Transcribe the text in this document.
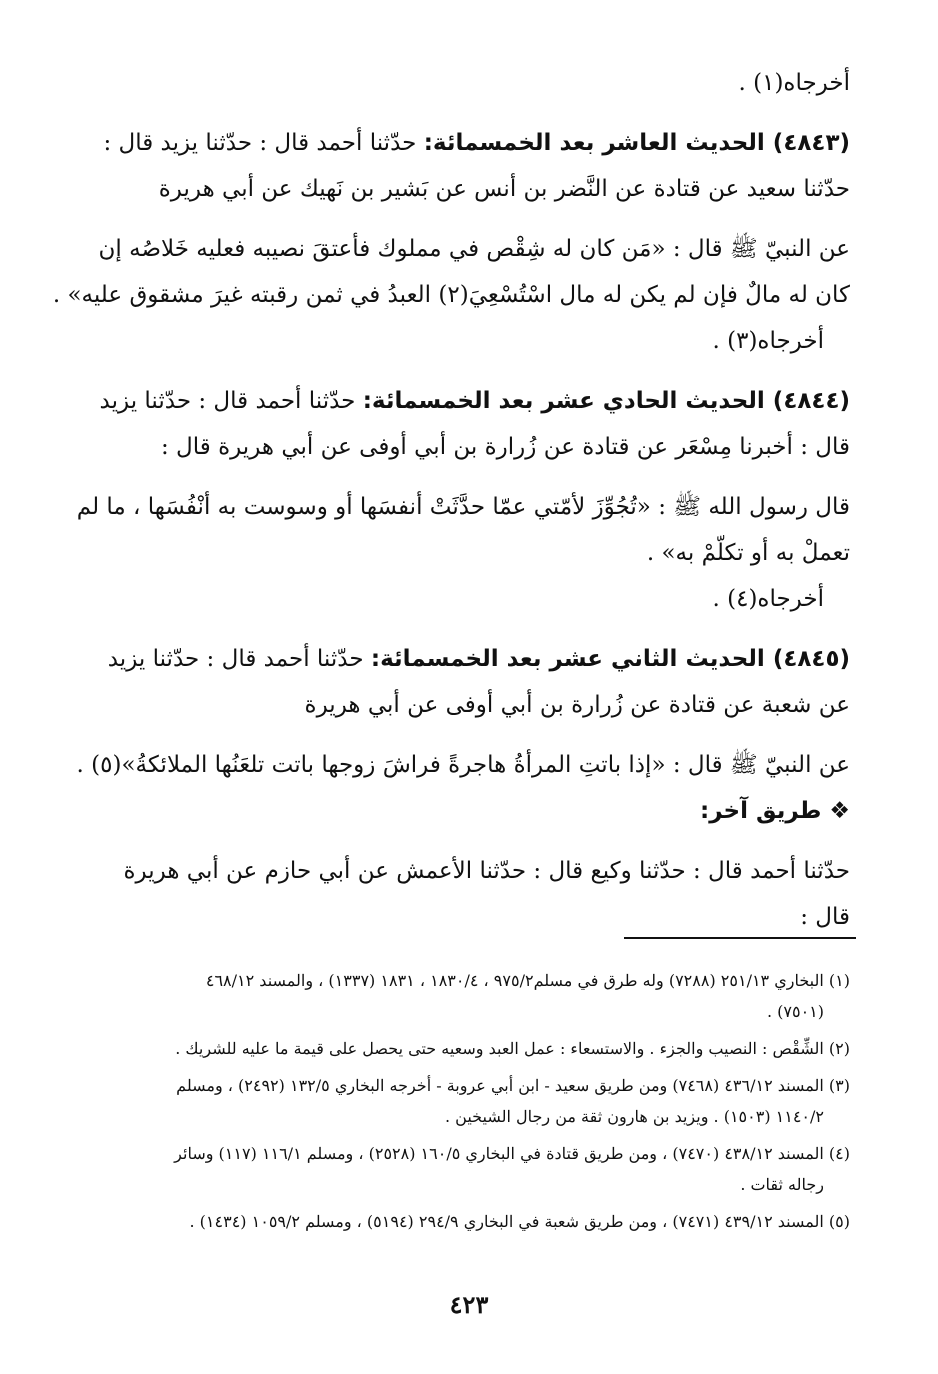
أخرجاه(١) .

(٤٨٤٣) الحديث العاشر بعد الخمسمائة: حدّثنا أحمد قال : حدّثنا يزيد قال :

حدّثنا سعيد عن قتادة عن النَّضر بن أنس عن بَشير بن نَهيك عن أبي هريرة

عن النبيّ ﷺ قال : «مَن كان له شِقْص في مملوك فأعتقَ نصيبه فعليه خَلاصُه إن

كان له مالٌ فإن لم يكن له مال اسْتُسْعِيَ(٢) العبدُ في ثمن رقبته غيرَ مشقوق عليه» .

أخرجاه(٣) .

(٤٨٤٤) الحديث الحادي عشر بعد الخمسمائة: حدّثنا أحمد قال : حدّثنا يزيد

قال : أخبرنا مِسْعَر عن قتادة عن زُرارة بن أبي أوفى عن أبي هريرة قال :

قال رسول الله ﷺ : «تُجُوِّزَ لأمّتي عمّا حدَّثَتْ أنفسَها أو وسوست به أنْفُسَها ، ما لم

تعملْ به أو تكلّمْ به» .

أخرجاه(٤) .

(٤٨٤٥) الحديث الثاني عشر بعد الخمسمائة: حدّثنا أحمد قال : حدّثنا يزيد

عن شعبة عن قتادة عن زُرارة بن أبي أوفى عن أبي هريرة

عن النبيّ ﷺ قال : «إذا باتتِ المرأةُ هاجرةً فراشَ زوجها باتت تلعَنُها الملائكةُ»(٥) .

❖ طريق آخر:

حدّثنا أحمد قال : حدّثنا وكيع قال : حدّثنا الأعمش عن أبي حازم عن أبي هريرة

قال :

(١) البخاري ٢٥١/١٣ (٧٢٨٨) وله طرق في مسلم٩٧٥/٢ ، ١٨٣٠/٤ ، ١٨٣١ (١٣٣٧) ، والمسند ٤٦٨/١٢
(٧٥٠١) .

(٢) الشِّقْص : النصيب والجزء . والاستسعاء : عمل العبد وسعيه حتى يحصل على قيمة ما عليه للشريك .

(٣) المسند ٤٣٦/١٢ (٧٤٦٨) ومن طريق سعيد - ابن أبي عروبة - أخرجه البخاري ١٣٢/٥ (٢٤٩٢) ، ومسلم
١١٤٠/٢ (١٥٠٣) . ويزيد بن هارون ثقة من رجال الشيخين .

(٤) المسند ٤٣٨/١٢ (٧٤٧٠) ، ومن طريق قتادة في البخاري ١٦٠/٥ (٢٥٢٨) ، ومسلم ١١٦/١ (١١٧) وسائر
رجاله ثقات .

(٥) المسند ٤٣٩/١٢ (٧٤٧١) ، ومن طريق شعبة في البخاري ٢٩٤/٩ (٥١٩٤) ، ومسلم ١٠٥٩/٢ (١٤٣٤) .

٤٢٣
